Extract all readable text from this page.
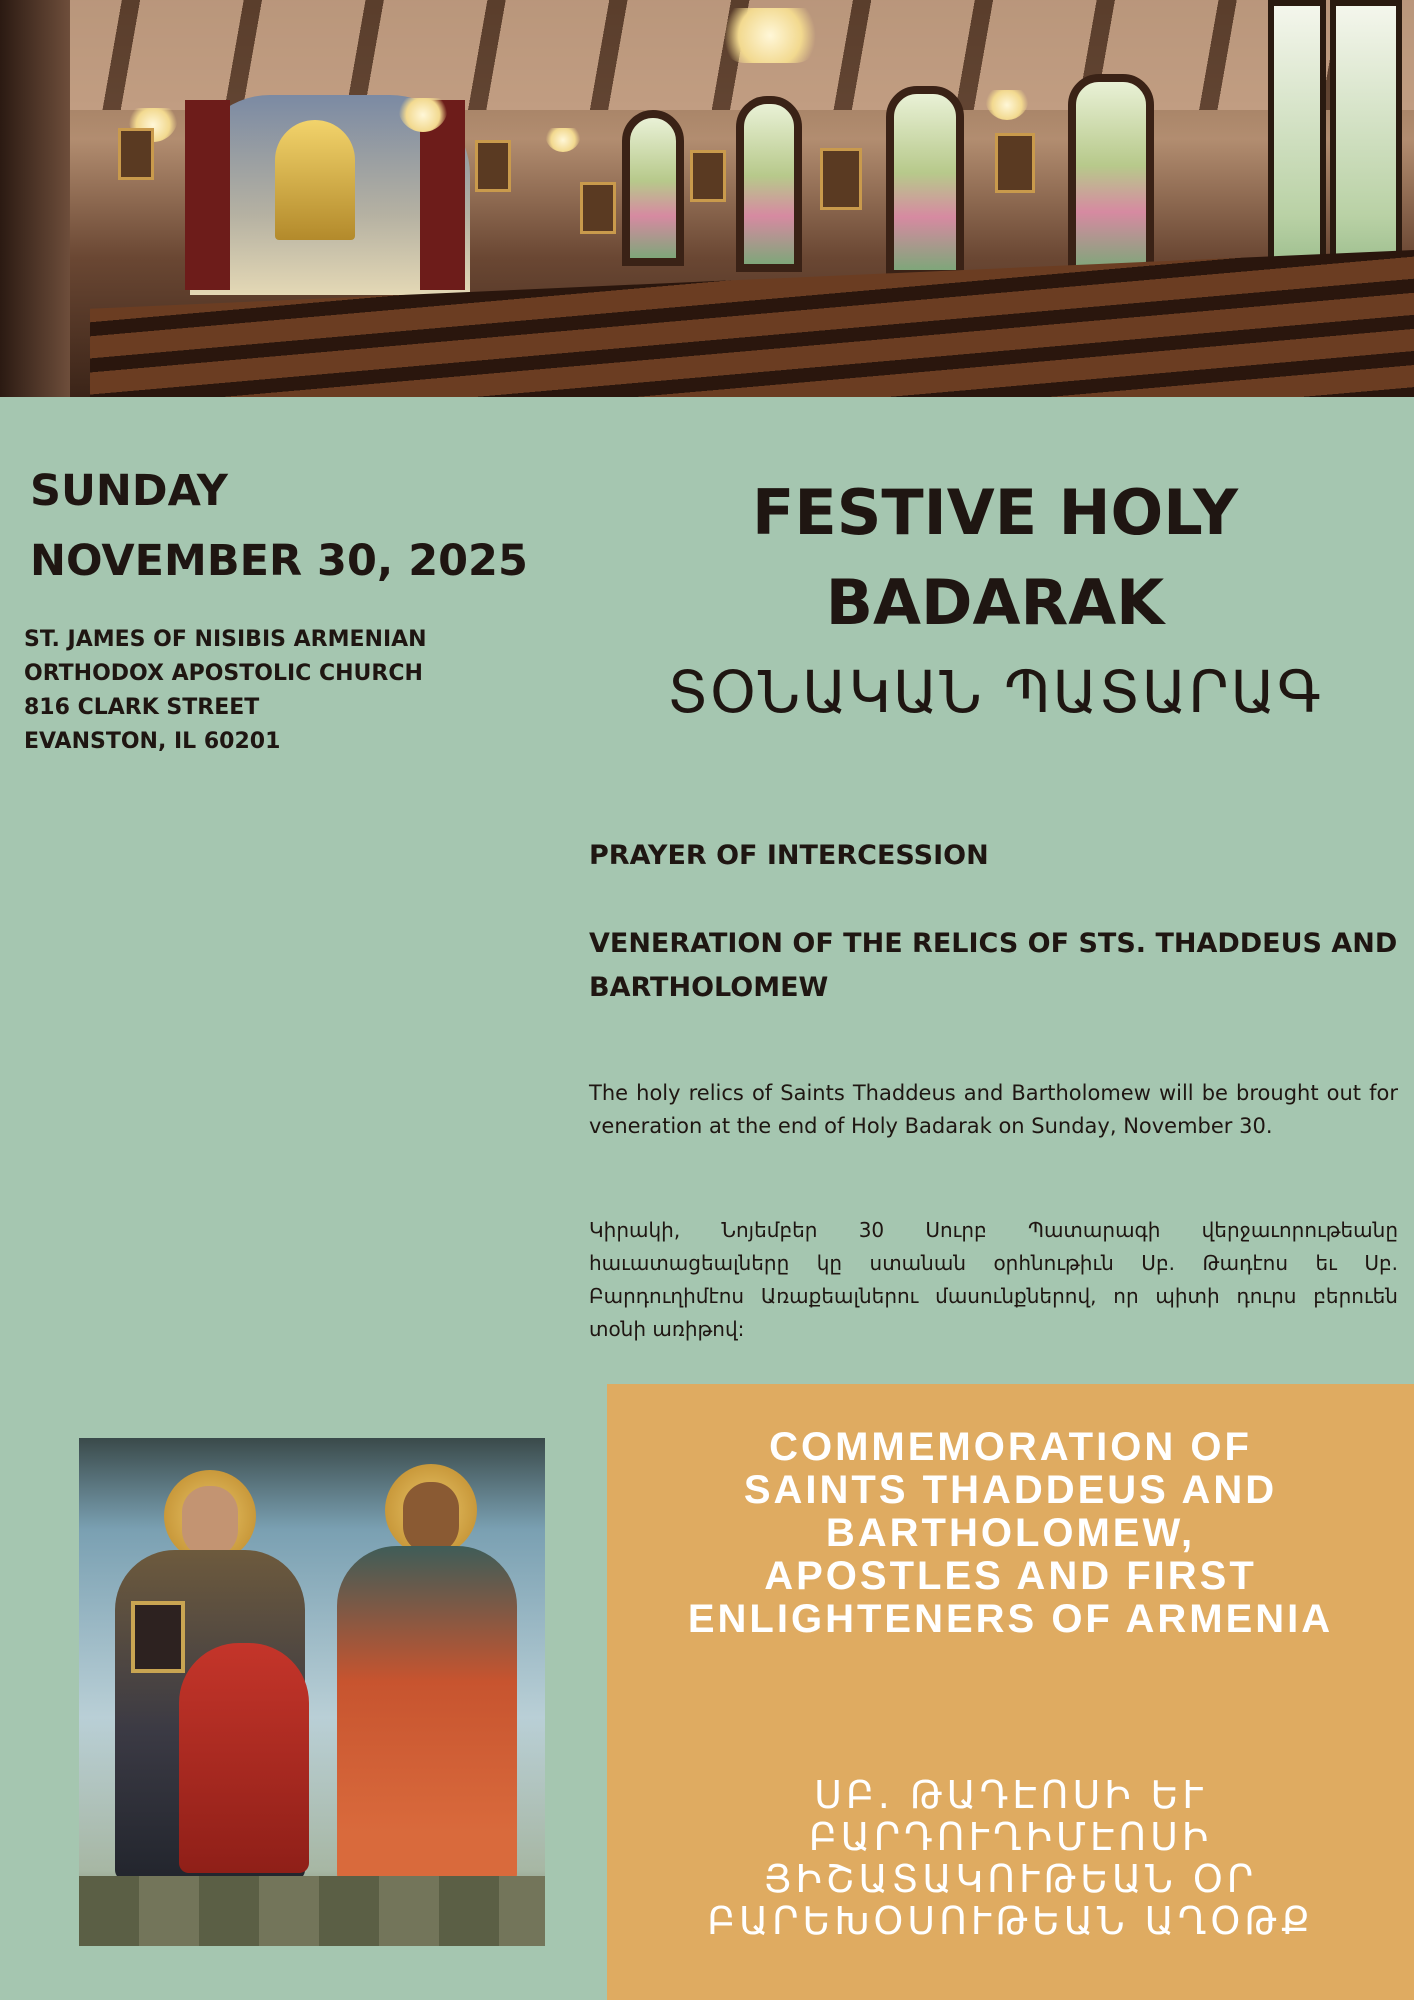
SUNDAY
NOVEMBER 30, 2025
ST. JAMES OF NISIBIS ARMENIAN
ORTHODOX APOSTOLIC CHURCH
816 CLARK STREET
EVANSTON, IL 60201
FESTIVE HOLY
BADARAK
ՏՕՆԱԿԱՆ ՊԱՏԱՐԱԳ
PRAYER OF INTERCESSION
VENERATION OF THE RELICS OF STS. THADDEUS AND BARTHOLOMEW
The holy relics of Saints Thaddeus and Bartholomew will be brought out for veneration at the end of Holy Badarak on Sunday, November 30.
Կիրակի, Նոյեմբեր 30 Սուրբ Պատարագի վերջաւորութեանը հաւատացեալները կը ստանան օրհնութիւն Սբ. Թադէոս եւ Սբ. Բարդուղիմէոս Առաքեալներու մասունքներով, որ պիտի դուրս բերուեն տօնի առիթով:
COMMEMORATION OF
SAINTS THADDEUS AND
BARTHOLOMEW,
APOSTLES AND FIRST
ENLIGHTENERS OF ARMENIA
ՍԲ. ԹԱԴԷՈՍԻ ԵՒ
ԲԱՐԴՈՒՂԻՄԷՈՍԻ
ՅԻՇԱՏԱԿՈՒԹԵԱՆ ՕՐ
ԲԱՐԵԽՕՍՈՒԹԵԱՆ ԱՂՕԹՔ
